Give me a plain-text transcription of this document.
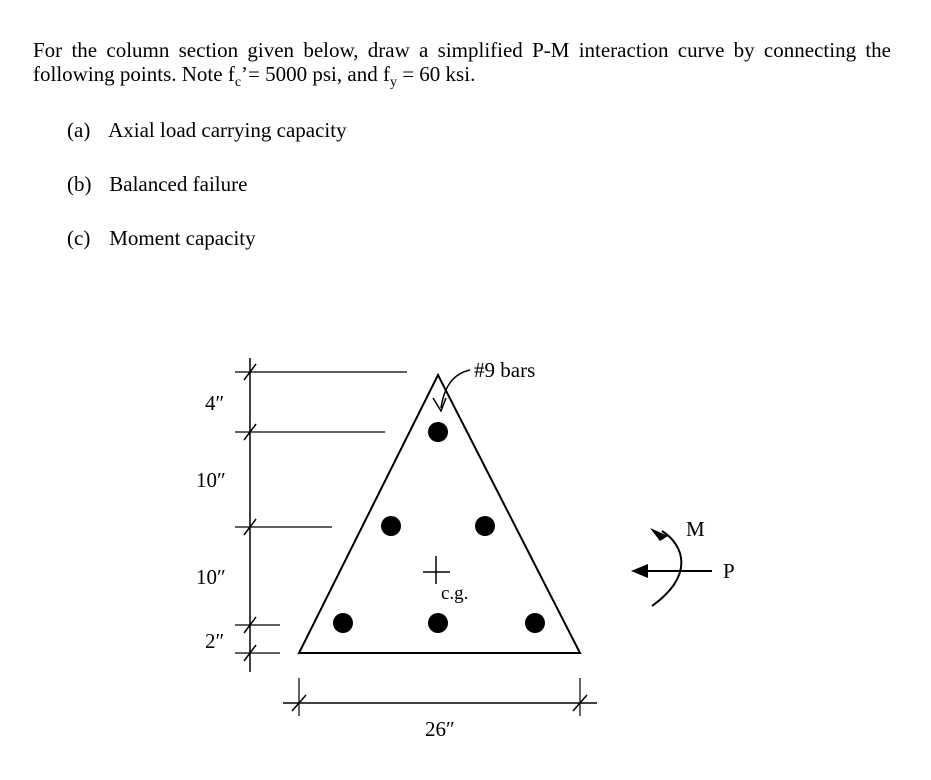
For the column section given below, draw a simplified P-M interaction curve by connecting the following points. Note $f_c’= 5000$ psi, and $f_y = 60$ ksi.
(a) Axial load carrying capacity
(b) Balanced failure
(c) Moment capacity
#9 bars
c.g.
4″
10″
10″
2″
26″
M
P
